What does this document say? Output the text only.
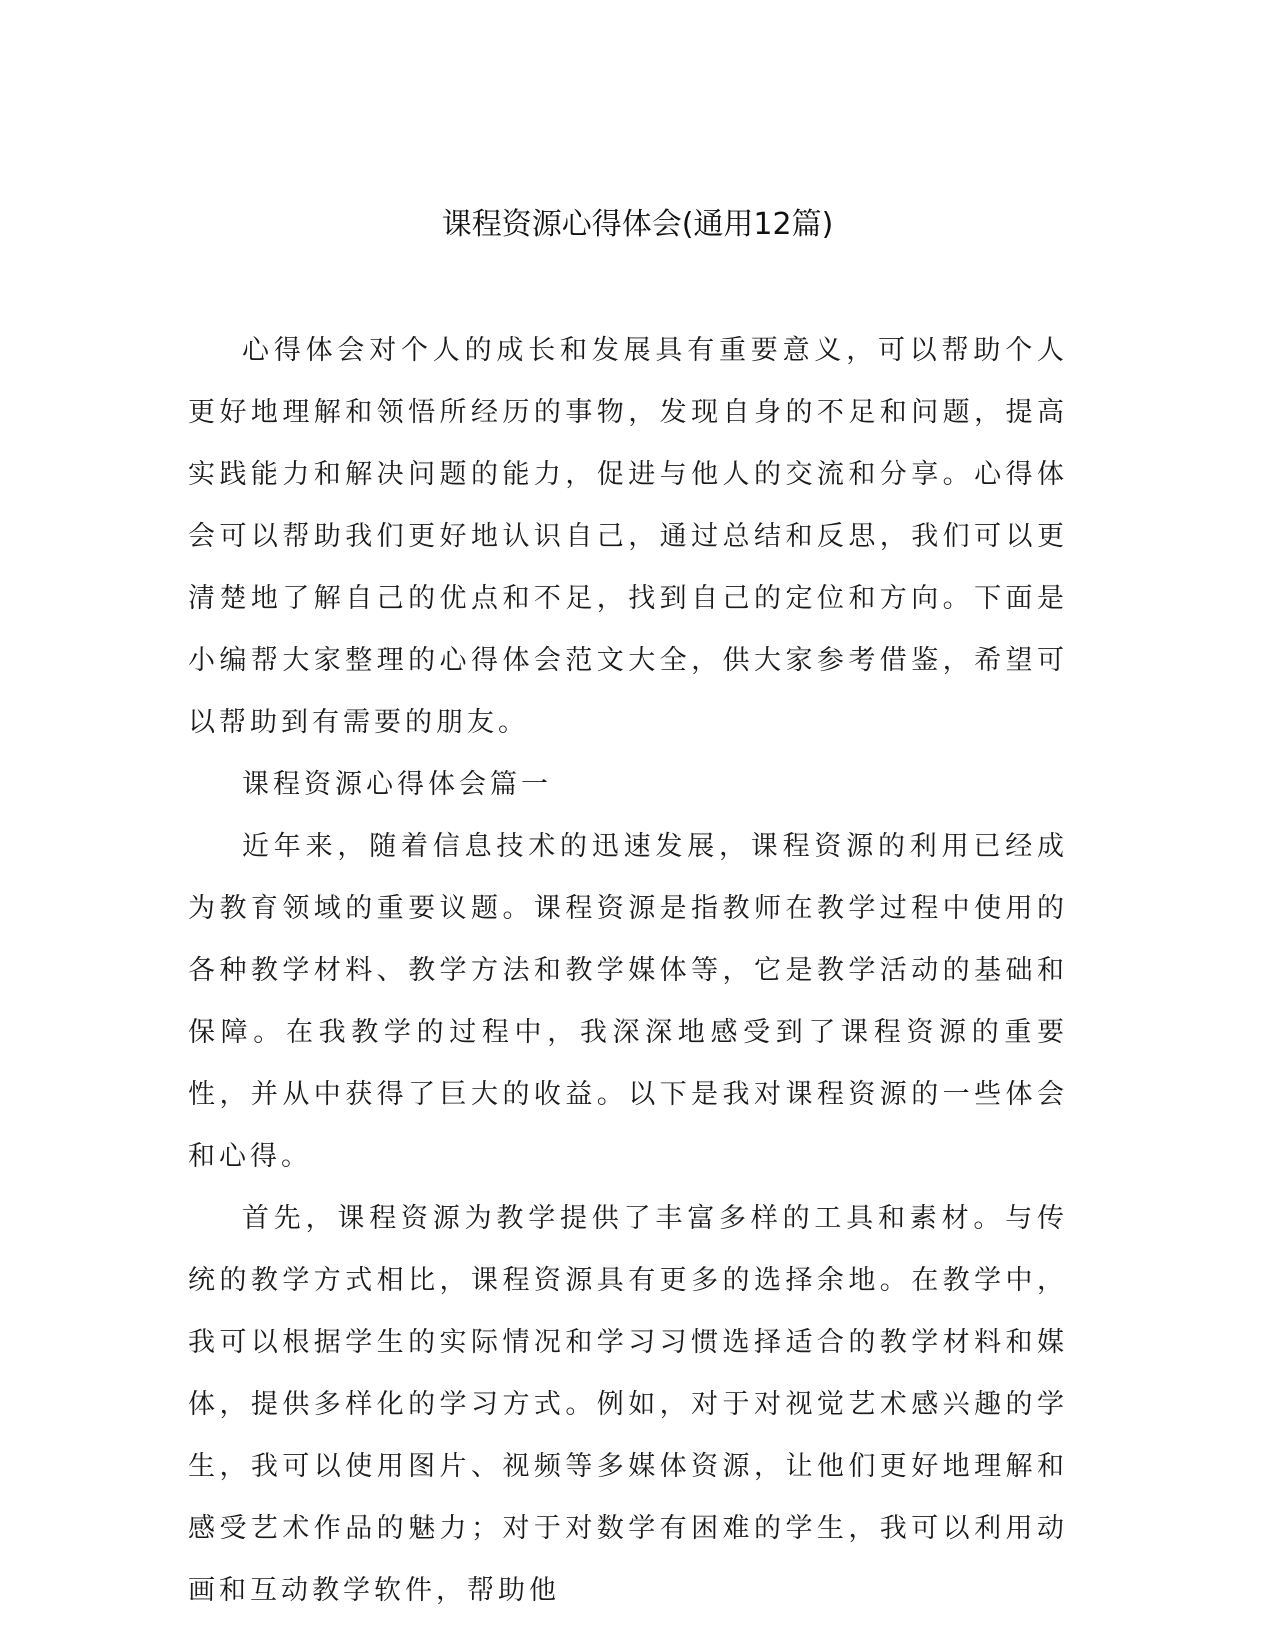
课程资源心得体会(通用12篇)

心得体会对个人的成长和发展具有重要意义，可以帮助个人更好地理解和领悟所经历的事物，发现自身的不足和问题，提高实践能力和解决问题的能力，促进与他人的交流和分享。心得体会可以帮助我们更好地认识自己，通过总结和反思，我们可以更清楚地了解自己的优点和不足，找到自己的定位和方向。下面是小编帮大家整理的心得体会范文大全，供大家参考借鉴，希望可以帮助到有需要的朋友。

课程资源心得体会篇一

近年来，随着信息技术的迅速发展，课程资源的利用已经成为教育领域的重要议题。课程资源是指教师在教学过程中使用的各种教学材料、教学方法和教学媒体等，它是教学活动的基础和保障。在我教学的过程中，我深深地感受到了课程资源的重要性，并从中获得了巨大的收益。以下是我对课程资源的一些体会和心得。

首先，课程资源为教学提供了丰富多样的工具和素材。与传统的教学方式相比，课程资源具有更多的选择余地。在教学中，我可以根据学生的实际情况和学习习惯选择适合的教学材料和媒体，提供多样化的学习方式。例如，对于对视觉艺术感兴趣的学生，我可以使用图片、视频等多媒体资源，让他们更好地理解和感受艺术作品的魅力；对于对数学有困难的学生，我可以利用动画和互动教学软件，帮助他
